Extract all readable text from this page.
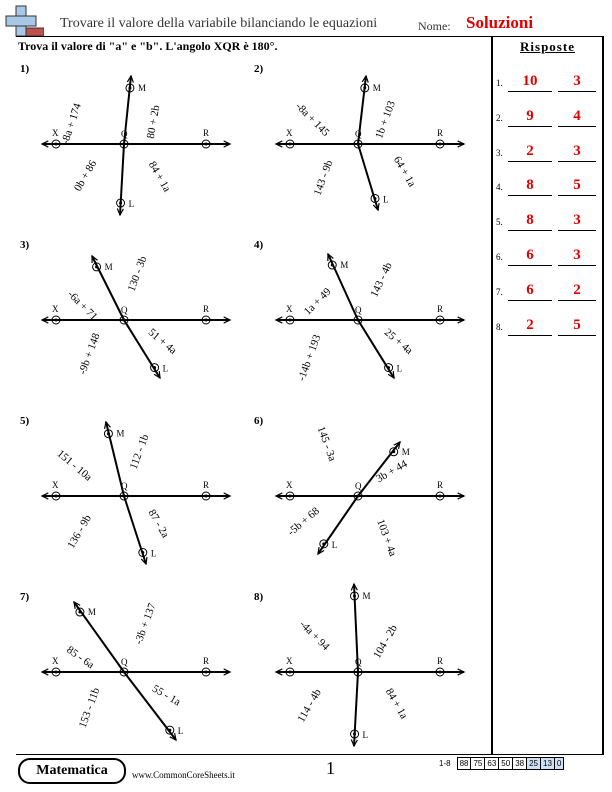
Trovare il valore della variabile bilanciando le equazioni	Nome: Soluzioni
Trova il valore di "a" e "b". L'angolo XQR è 180°.	Risposte
1.	10	3
2.	9	4
3.	2	3
4.	8	5
5.	8	3
6.	6	3
7.	6	2
8.	2	5
1)
X	R
Q
M
L
-8a + 174	80 + 2b
84 + 1a
0b + 86
2)
X	R
Q
M
L
-8a + 145	1b + 103
64 + 1a
143 - 9b
3)
X	R
Q
M
L
-6a + 71
130 - 3b
51 + 4a
-9b + 148
4)
X	R
Q
M
L
1a + 49
143 - 4b
25 + 4a
-14b + 193
5)
X	R
Q
M
L
151 - 10a	112 - 1b
87 - 2a
136 - 9b
6)
X	R
Q
M
L
145 - 3a
3b + 44
103 + 4a
-5b + 68
7)
X	R
Q
M
L
85 - 6a
-3b + 137
55 - 1a
153 - 11b
8)
X	R
Q
M
L
-4a + 94	104 - 2b
84 + 1a
114 - 4b
Matematica	www.CommonCoreSheets.it	1	1-8	88	75	63	50	38	25	13	0
